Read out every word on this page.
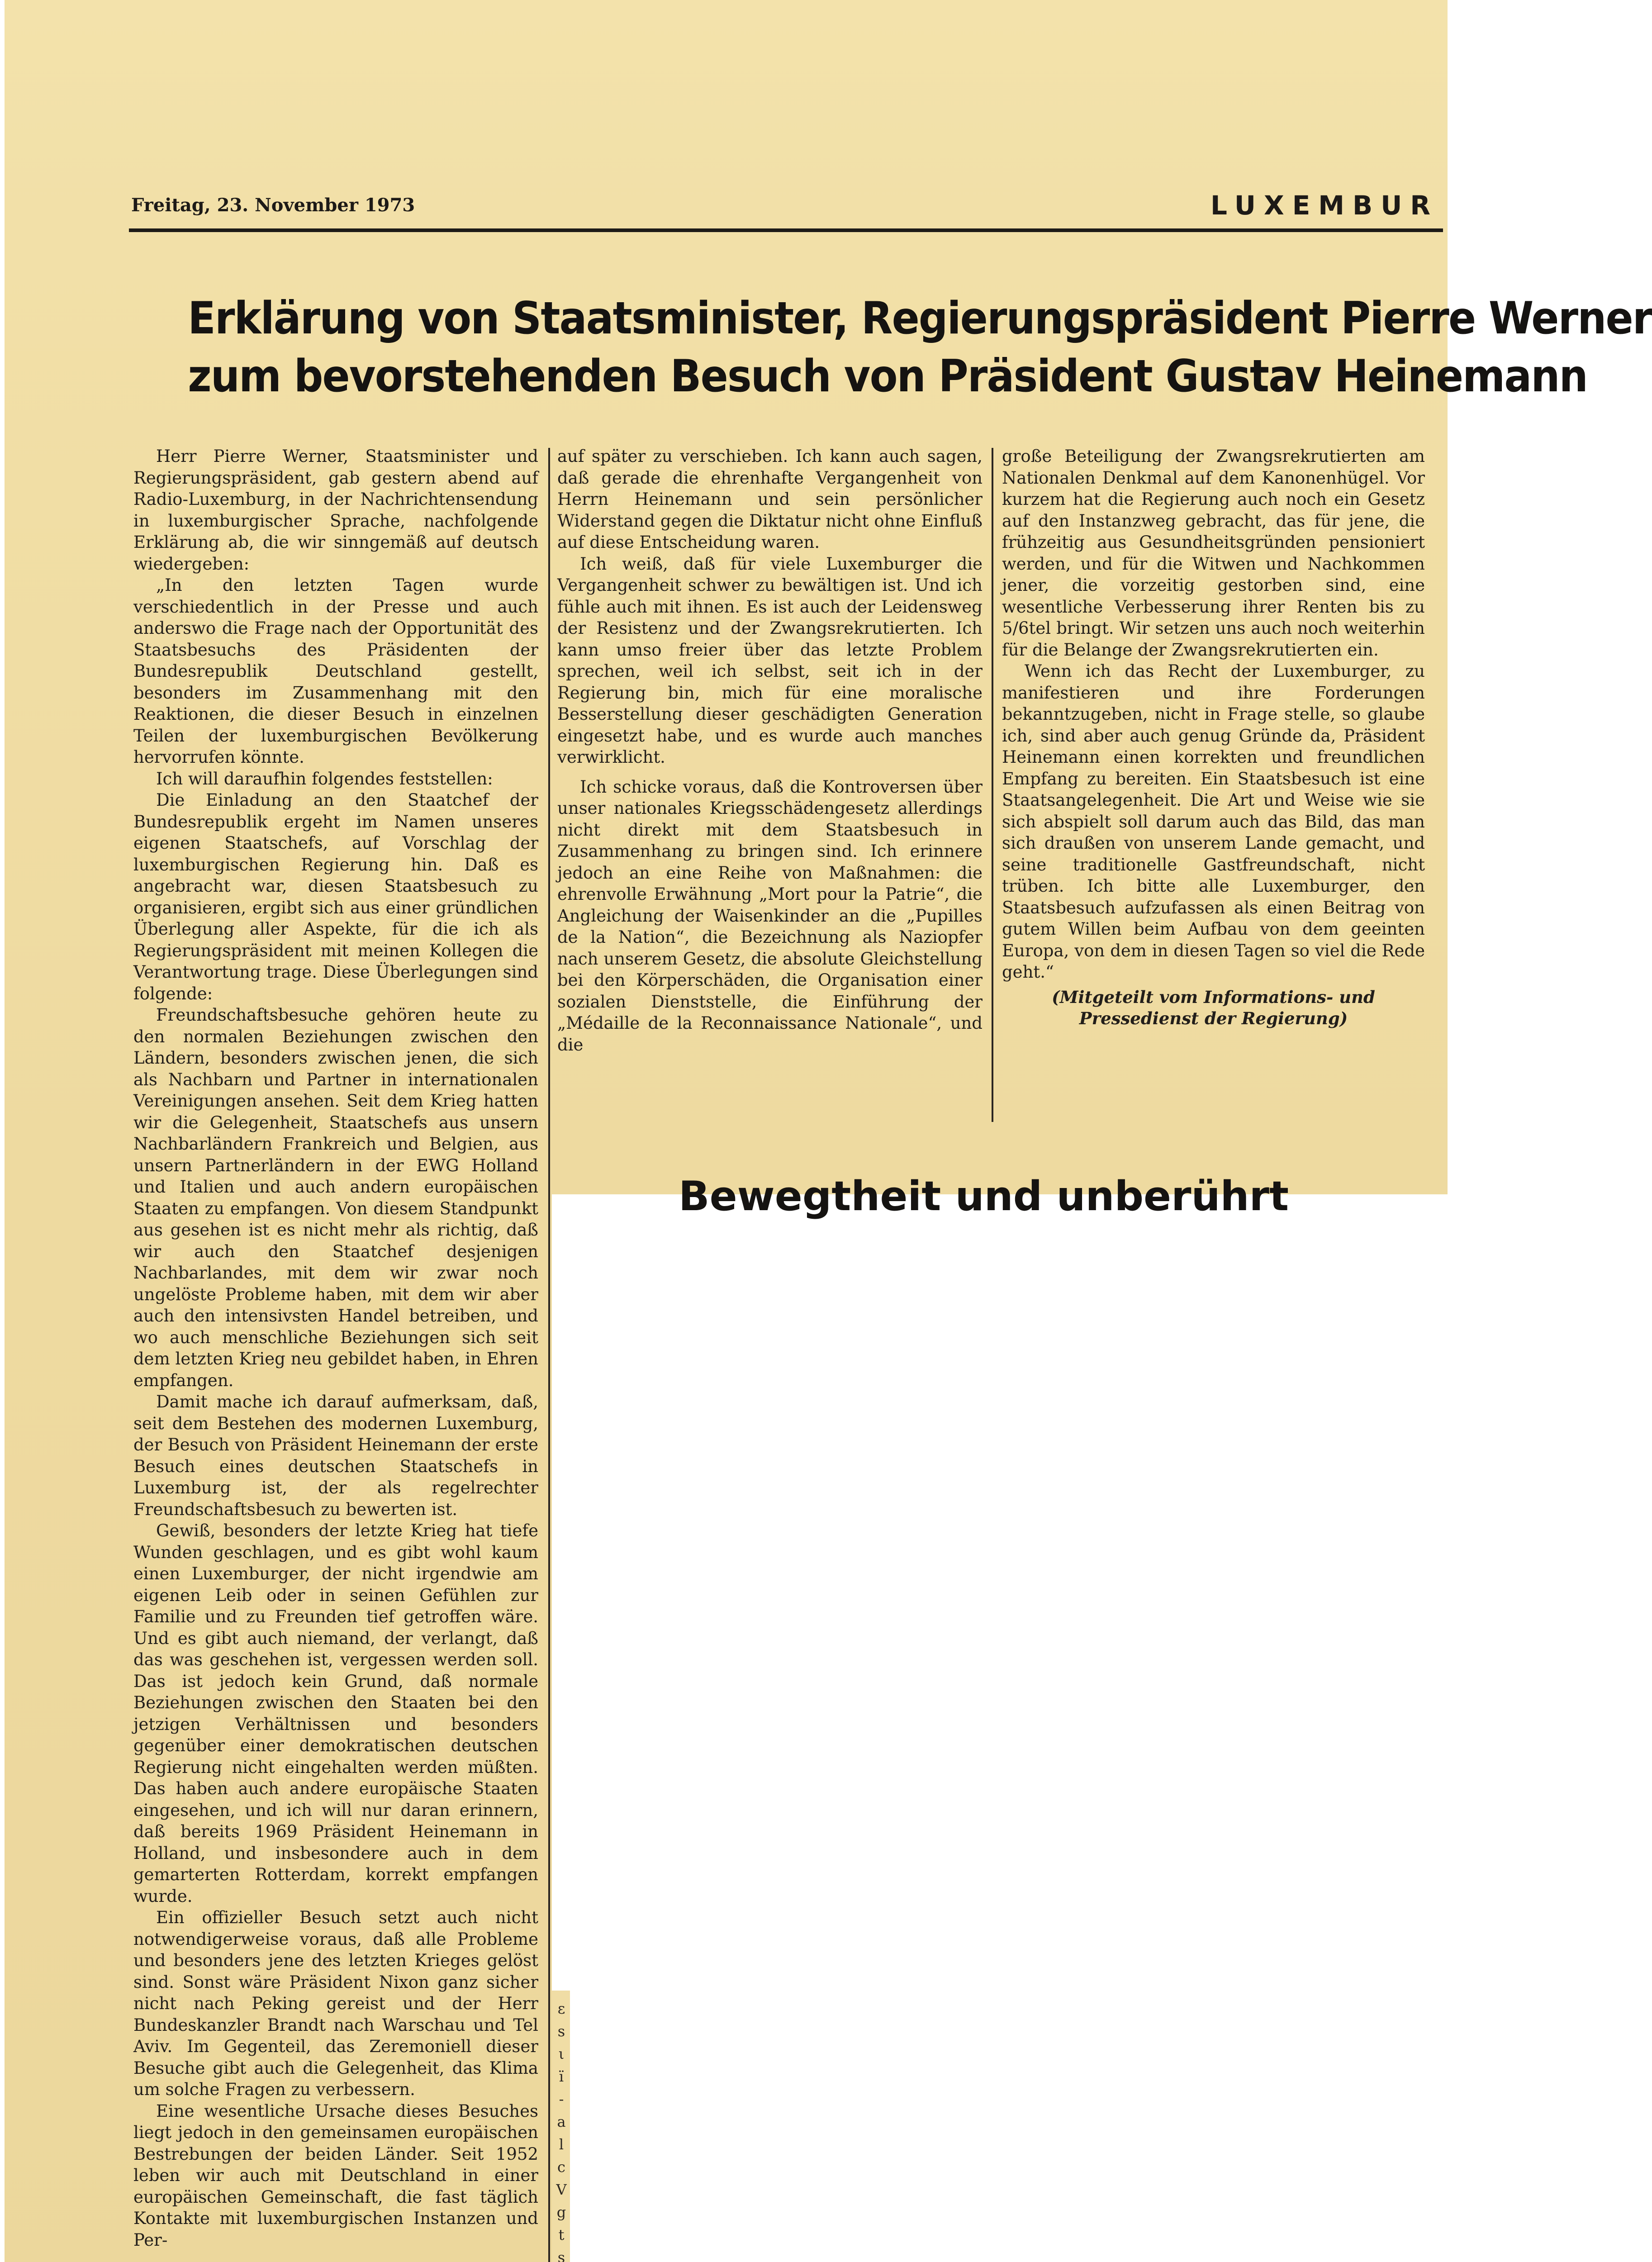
Freitag, 23. November 1973	LUXEMBUR
Erklärung von Staatsminister, Regierungspräsident Pierre Werner
zum bevorstehenden Besuch von Präsident Gustav Heinemann

Herr Pierre Werner, Staatsminister und Regierungspräsident, gab gestern abend auf Radio-Luxemburg, in der Nachrichtensendung in luxemburgischer Sprache, nachfolgende Erklärung ab, die wir sinngemäß auf deutsch wiedergeben:

„In den letzten Tagen wurde verschiedentlich in der Presse und auch anderswo die Frage nach der Opportunität des Staatsbesuchs des Präsidenten der Bundesrepublik Deutschland gestellt, besonders im Zusammenhang mit den Reaktionen, die dieser Besuch in einzelnen Teilen der luxemburgischen Bevölkerung hervorrufen könnte.

Ich will daraufhin folgendes feststellen:

Die Einladung an den Staatchef der Bundesrepublik ergeht im Namen unseres eigenen Staatschefs, auf Vorschlag der luxemburgischen Regierung hin. Daß es angebracht war, diesen Staatsbesuch zu organisieren, ergibt sich aus einer gründlichen Überlegung aller Aspekte, für die ich als Regierungspräsident mit meinen Kollegen die Verantwortung trage. Diese Überlegungen sind folgende:

Freundschaftsbesuche gehören heute zu den normalen Beziehungen zwischen den Ländern, besonders zwischen jenen, die sich als Nachbarn und Partner in internationalen Vereinigungen ansehen. Seit dem Krieg hatten wir die Gelegenheit, Staatschefs aus unsern Nachbarländern Frankreich und Belgien, aus unsern Partnerländern in der EWG Holland und Italien und auch andern europäischen Staaten zu empfangen. Von diesem Standpunkt aus gesehen ist es nicht mehr als richtig, daß wir auch den Staatchef desjenigen Nachbarlandes, mit dem wir zwar noch ungelöste Probleme haben, mit dem wir aber auch den intensivsten Handel betreiben, und wo auch menschliche Beziehungen sich seit dem letzten Krieg neu gebildet haben, in Ehren empfangen.

Damit mache ich darauf aufmerksam, daß, seit dem Bestehen des modernen Luxemburg, der Besuch von Präsident Heinemann der erste Besuch eines deutschen Staatschefs in Luxemburg ist, der als regelrechter Freundschaftsbesuch zu bewerten ist.

Gewiß, besonders der letzte Krieg hat tiefe Wunden geschlagen, und es gibt wohl kaum einen Luxemburger, der nicht irgendwie am eigenen Leib oder in seinen Gefühlen zur Familie und zu Freunden tief getroffen wäre. Und es gibt auch niemand, der verlangt, daß das was geschehen ist, vergessen werden soll. Das ist jedoch kein Grund, daß normale Beziehungen zwischen den Staaten bei den jetzigen Verhältnissen und besonders gegenüber einer demokratischen deutschen Regierung nicht eingehalten werden müßten. Das haben auch andere europäische Staaten eingesehen, und ich will nur daran erinnern, daß bereits 1969 Präsident Heinemann in Holland, und insbesondere auch in dem gemarterten Rotterdam, korrekt empfangen wurde.

Ein offizieller Besuch setzt auch nicht notwendigerweise voraus, daß alle Probleme und besonders jene des letzten Krieges gelöst sind. Sonst wäre Präsident Nixon ganz sicher nicht nach Peking gereist und der Herr Bundeskanzler Brandt nach Warschau und Tel Aviv. Im Gegenteil, das Zeremoniell dieser Besuche gibt auch die Gelegenheit, das Klima um solche Fragen zu verbessern.

Eine wesentliche Ursache dieses Besuches liegt jedoch in den gemeinsamen europäischen Bestrebungen der beiden Länder. Seit 1952 leben wir auch mit Deutschland in einer europäischen Gemeinschaft, die fast täglich Kontakte mit luxemburgischen Instanzen und Per-

auf später zu verschieben. Ich kann auch sagen, daß gerade die ehrenhafte Vergangenheit von Herrn Heinemann und sein persönlicher Widerstand gegen die Diktatur nicht ohne Einfluß auf diese Entscheidung waren.

Ich weiß, daß für viele Luxemburger die Vergangenheit schwer zu bewältigen ist. Und ich fühle auch mit ihnen. Es ist auch der Leidensweg der Resistenz und der Zwangsrekrutierten. Ich kann umso freier über das letzte Problem sprechen, weil ich selbst, seit ich in der Regierung bin, mich für eine moralische Besserstellung dieser geschädigten Generation eingesetzt habe, und es wurde auch manches verwirklicht.

Ich schicke voraus, daß die Kontroversen über unser nationales Kriegsschädengesetz allerdings nicht direkt mit dem Staatsbesuch in Zusammenhang zu bringen sind. Ich erinnere jedoch an eine Reihe von Maßnahmen: die ehrenvolle Erwähnung „Mort pour la Patrie“, die Angleichung der Waisenkinder an die „Pupilles de la Nation“, die Bezeichnung als Naziopfer nach unserem Gesetz, die absolute Gleichstellung bei den Körperschäden, die Organisation einer sozialen Dienststelle, die Einführung der „Médaille de la Reconnaissance Nationale“, und die

große Beteiligung der Zwangsrekrutierten am Nationalen Denkmal auf dem Kanonenhügel. Vor kurzem hat die Regierung auch noch ein Gesetz auf den Instanzweg gebracht, das für jene, die frühzeitig aus Gesundheitsgründen pensioniert werden, und für die Witwen und Nachkommen jener, die vorzeitig gestorben sind, eine wesentliche Verbesserung ihrer Renten bis zu 5/6tel bringt. Wir setzen uns auch noch weiterhin für die Belange der Zwangsrekrutierten ein.

Wenn ich das Recht der Luxemburger, zu manifestieren und ihre Forderungen bekanntzugeben, nicht in Frage stelle, so glaube ich, sind aber auch genug Gründe da, Präsident Heinemann einen korrekten und freundlichen Empfang zu bereiten. Ein Staatsbesuch ist eine Staatsangelegenheit. Die Art und Weise wie sie sich abspielt soll darum auch das Bild, das man sich draußen von unserem Lande gemacht, und seine traditionelle Gastfreundschaft, nicht trüben. Ich bitte alle Luxemburger, den Staatsbesuch aufzufassen als einen Beitrag von gutem Willen beim Aufbau von dem geeinten Europa, von dem in diesen Tagen so viel die Rede geht.“

(Mitgeteilt vom Informations- und Pressedienst der Regierung)
ε
s
ι
ï
-
a
l
c
V
g
t
s
